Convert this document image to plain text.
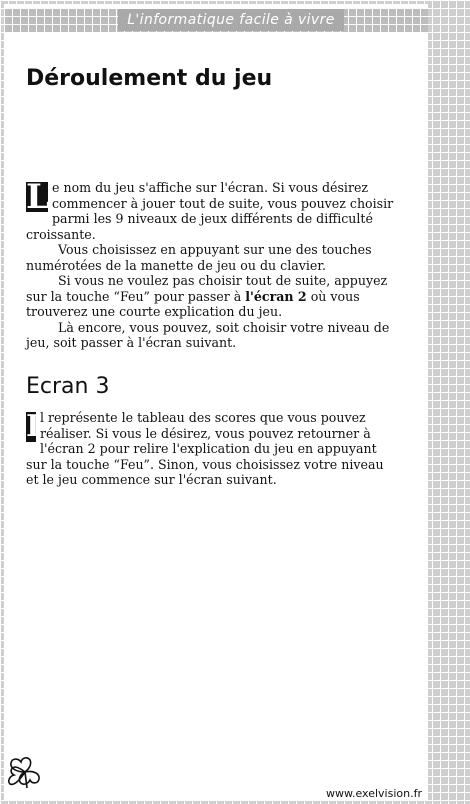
L'informatique facile à vivre
Déroulement du jeu

L e nom du jeu s'affiche sur l'écran. Si vous désirez commencer à jouer tout de suite, vous pouvez choisir parmi les 9 niveaux de jeux différents de difficulté croissante.

Vous choisissez en appuyant sur une des touches numérotées de la manette de jeu ou du clavier.

Si vous ne voulez pas choisir tout de suite, appuyez sur la touche “Feu” pour passer à l'écran 2 où vous trouverez une courte explication du jeu.

Là encore, vous pouvez, soit choisir votre niveau de jeu, soit passer à l'écran suivant.

Ecran 3

I l représente le tableau des scores que vous pouvez réaliser. Si vous le désirez, vous pouvez retourner à l'écran 2 pour relire l'explication du jeu en appuyant sur la touche “Feu”. Sinon, vous choisissez votre niveau et le jeu commence sur l'écran suivant.

www.exelvision.fr
